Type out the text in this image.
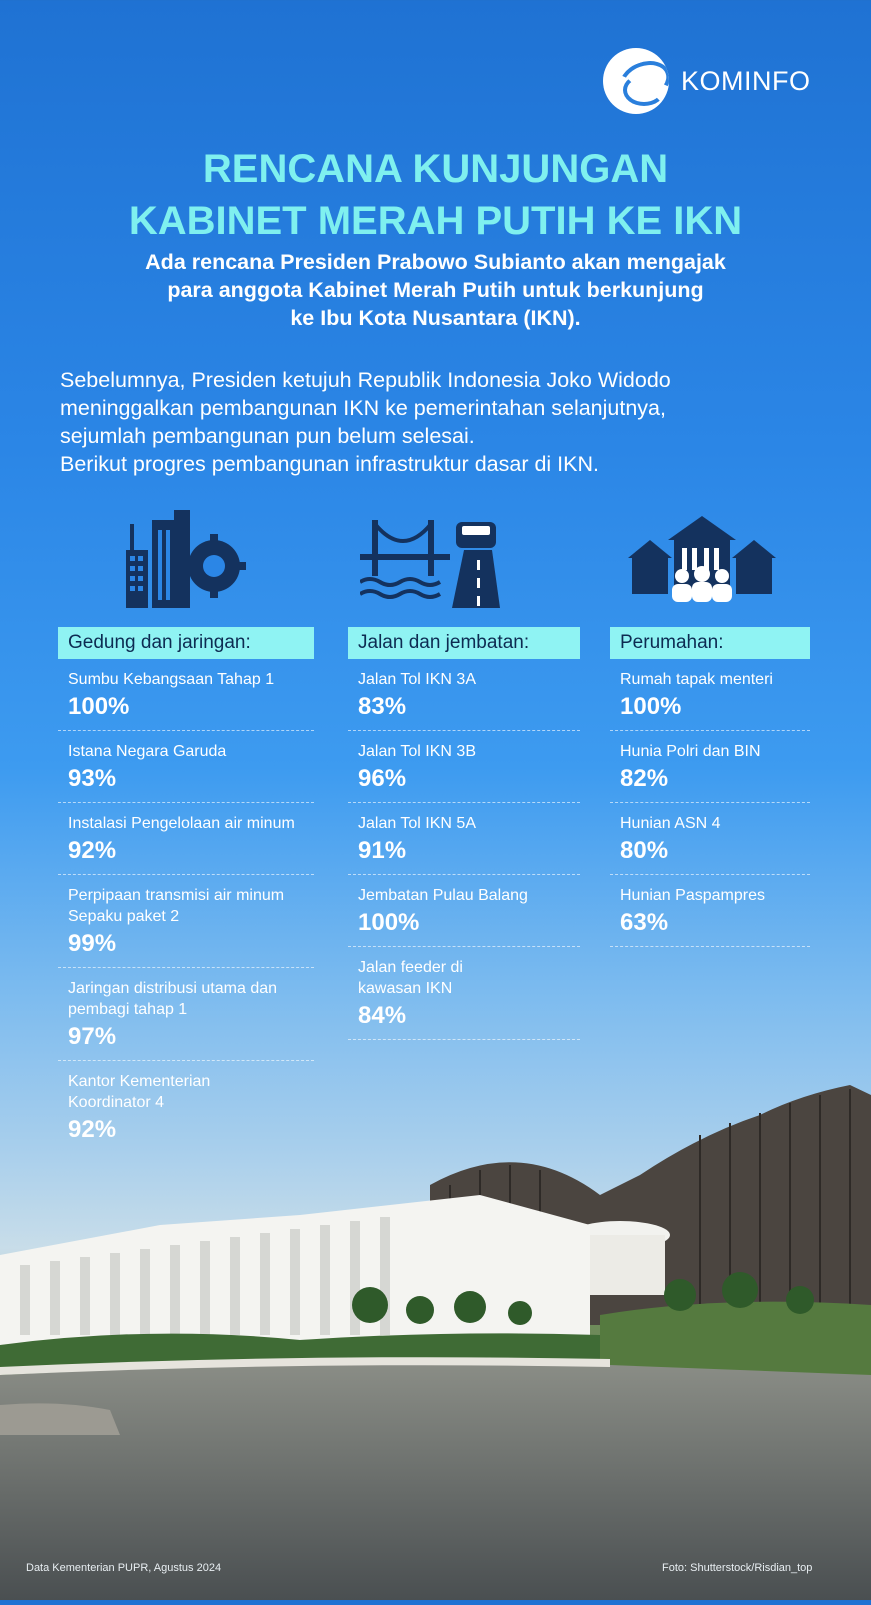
KOMINFO
RENCANA KUNJUNGAN
KABINET MERAH PUTIH KE IKN
Ada rencana Presiden Prabowo Subianto akan mengajak
para anggota Kabinet Merah Putih untuk berkunjung
ke Ibu Kota Nusantara (IKN).
Sebelumnya, Presiden ketujuh Republik Indonesia Joko Widodo
meninggalkan pembangunan IKN ke pemerintahan selanjutnya,
sejumlah pembangunan pun belum selesai.
Berikut progres pembangunan infrastruktur dasar di IKN.
Gedung dan jaringan:
Sumbu Kebangsaan Tahap 1
100%
Istana Negara Garuda
93%
Instalasi Pengelolaan air minum
92%
Perpipaan transmisi air minum Sepaku paket 2
99%
Jaringan distribusi utama dan pembagi tahap 1
97%
Kantor Kementerian Koordinator 4
92%
Jalan dan jembatan:
Jalan Tol IKN 3A
83%
Jalan Tol IKN 3B
96%
Jalan Tol IKN 5A
91%
Jembatan Pulau Balang
100%
Jalan feeder di kawasan IKN
84%
Perumahan:
Rumah tapak menteri
100%
Hunia Polri dan BIN
82%
Hunian ASN 4
80%
Hunian Paspampres
63%
Data Kementerian PUPR, Agustus 2024	Foto: Shutterstock/Risdian_top
